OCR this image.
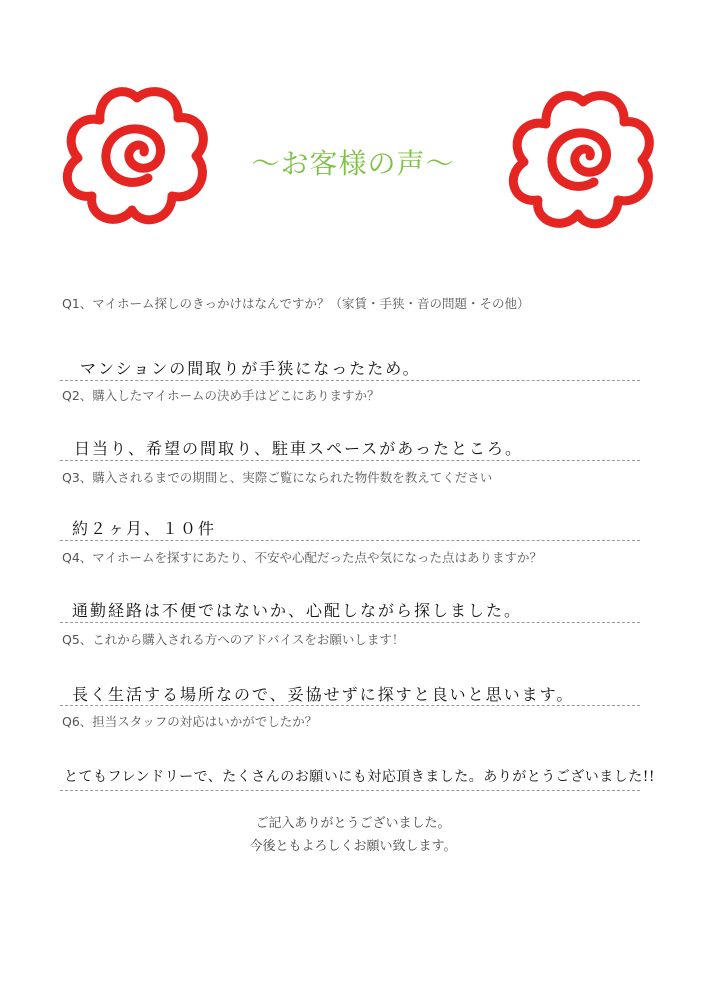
〜お客様の声〜
Q1、マイホーム探しのきっかけはなんですか？（家賃・手狭・音の問題・その他）
マンションの間取りが手狭になったため。
Q2、購入したマイホームの決め手はどこにありますか？
日当り、希望の間取り、駐車スペースがあったところ。
Q3、購入されるまでの期間と、実際ご覧になられた物件数を教えてください
約２ヶ月、１０件
Q4、マイホームを探すにあたり、不安や心配だった点や気になった点はありますか？
通勤経路は不便ではないか、心配しながら探しました。
Q5、これから購入される方へのアドバイスをお願いします！
長く生活する場所なので、妥協せずに探すと良いと思います。
Q6、担当スタッフの対応はいかがでしたか？
とてもフレンドリーで、たくさんのお願いにも対応頂きました。ありがとうございました!!
ご記入ありがとうございました。
今後ともよろしくお願い致します。
